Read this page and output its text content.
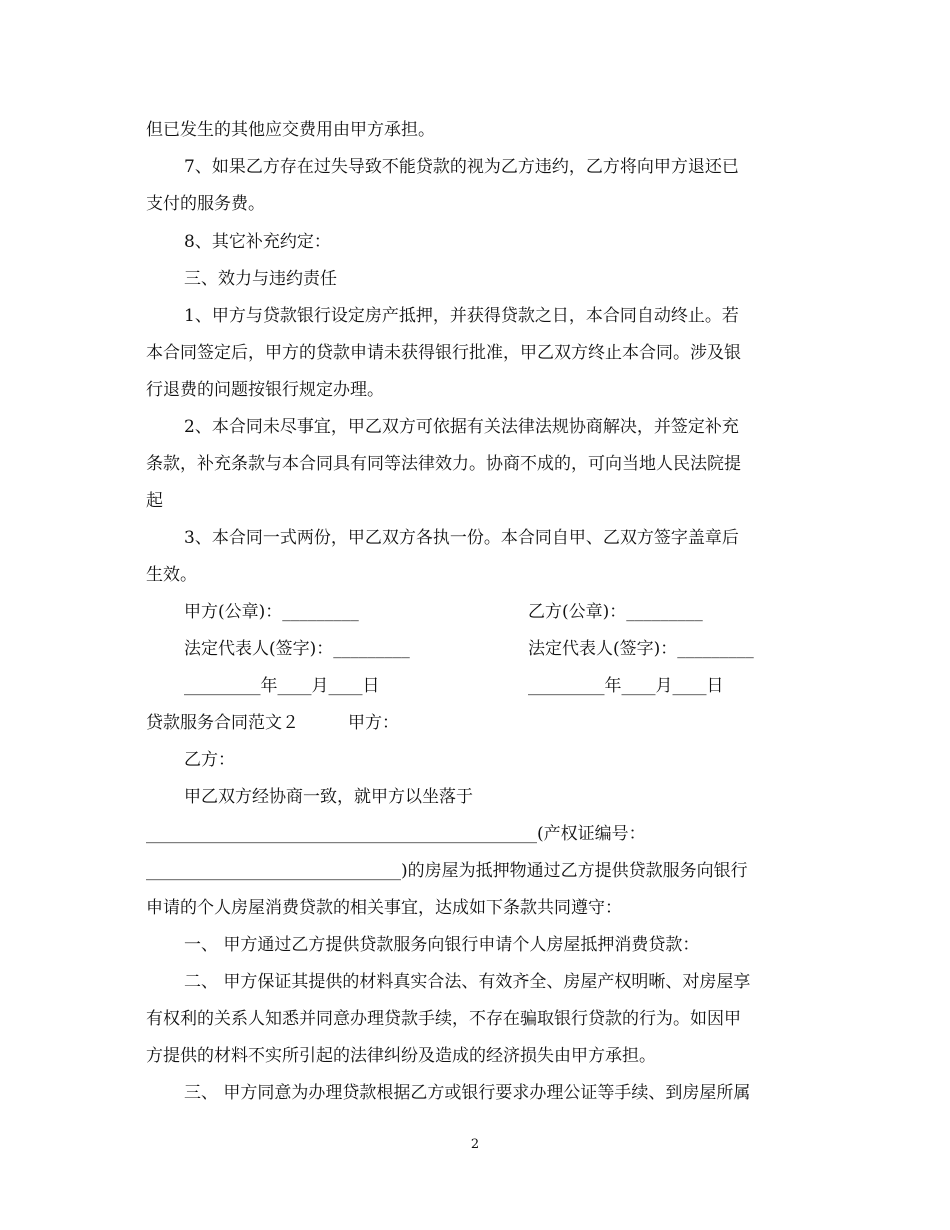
但已发生的其他应交费用由甲方承担。
7、如果乙方存在过失导致不能贷款的视为乙方违约，乙方将向甲方退还已
支付的服务费。
8、其它补充约定：
三、效力与违约责任
1、甲方与贷款银行设定房产抵押，并获得贷款之日，本合同自动终止。若
本合同签定后，甲方的贷款申请未获得银行批准，甲乙双方终止本合同。涉及银
行退费的问题按银行规定办理。
2、本合同未尽事宜，甲乙双方可依据有关法律法规协商解决，并签定补充
条款，补充条款与本合同具有同等法律效力。协商不成的，可向当地人民法院提
起
3、本合同一式两份，甲乙双方各执一份。本合同自甲、乙双方签字盖章后
生效。
甲方(公章)：_________	乙方(公章)：_________
法定代表人(签字)：_________	法定代表人(签字)：_________
_________年____月____日	_________年____月____日
贷款服务合同范文２	甲方：
乙方：
甲乙双方经协商一致，就甲方以坐落于
______________________________________________(产权证编号：
______________________________)的房屋为抵押物通过乙方提供贷款服务向银行
申请的个人房屋消费贷款的相关事宜，达成如下条款共同遵守：
一、 甲方通过乙方提供贷款服务向银行申请个人房屋抵押消费贷款：
二、 甲方保证其提供的材料真实合法、有效齐全、房屋产权明晰、对房屋享
有权利的关系人知悉并同意办理贷款手续，不存在骗取银行贷款的行为。如因甲
方提供的材料不实所引起的法律纠纷及造成的经济损失由甲方承担。
三、 甲方同意为办理贷款根据乙方或银行要求办理公证等手续、到房屋所属
2
